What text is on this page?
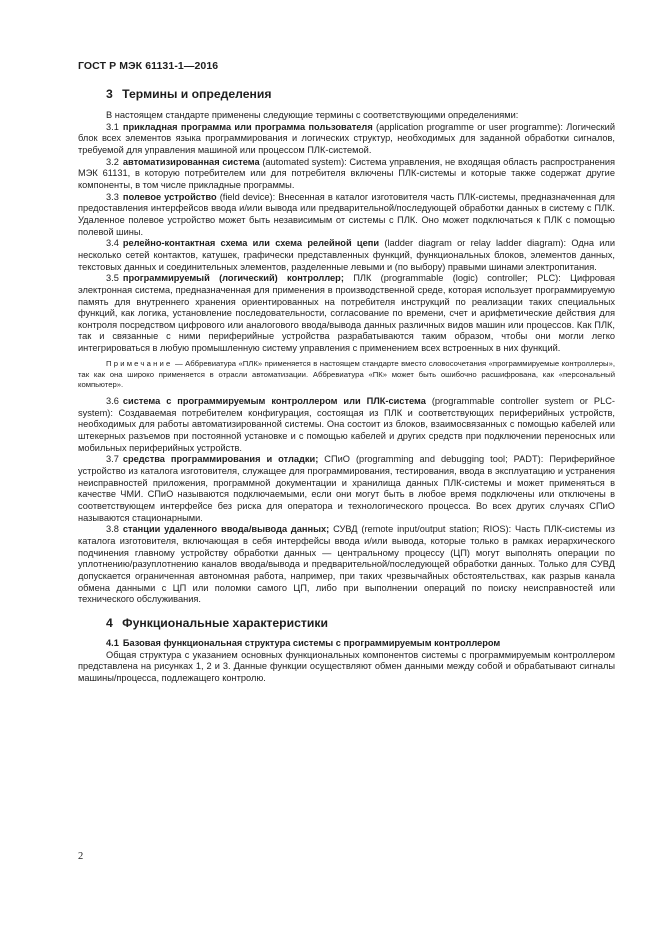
ГОСТ Р МЭК 61131-1—2016
3 Термины и определения

В настоящем стандарте применены следующие термины с соответствующими определениями:

3.1 прикладная программа или программа пользователя (application programme or user programme): Логический блок всех элементов языка программирования и логических структур, необходимых для заданной обработки сигналов, требуемой для управления машиной или процессом ПЛК-системой.

3.2 автоматизированная система (automated system): Система управления, не входящая область распространения МЭК 61131, в которую потребителем или для потребителя включены ПЛК-системы и которые также содержат другие компоненты, в том числе прикладные программы.

3.3 полевое устройство (field device): Внесенная в каталог изготовителя часть ПЛК-системы, предназначенная для предоставления интерфейсов ввода и/или вывода или предварительной/последующей обработки данных в систему с ПЛК. Удаленное полевое устройство может быть независимым от системы с ПЛК. Оно может подключаться к ПЛК с помощью полевой шины.

3.4 релейно-контактная схема или схема релейной цепи (ladder diagram or relay ladder diagram): Одна или несколько сетей контактов, катушек, графически представленных функций, функциональных блоков, элементов данных, текстовых данных и соединительных элементов, разделенные левыми и (по выбору) правыми шинами электропитания.

3.5 программируемый (логический) контроллер; ПЛК (programmable (logic) controller; PLC): Цифровая электронная система, предназначенная для применения в производственной среде, которая использует программируемую память для внутреннего хранения ориентированных на потребителя инструкций по реализации таких специальных функций, как логика, установление последовательности, согласование по времени, счет и арифметические действия для контроля посредством цифрового или аналогового ввода/вывода данных различных видов машин или процессов. Как ПЛК, так и связанные с ними периферийные устройства разрабатываются таким образом, чтобы они могли легко интегрироваться в любую промышленную систему управления с применением всех встроенных в них функций.

Примечание — Аббревиатура «ПЛК» применяется в настоящем стандарте вместо словосочетания «программируемые контроллеры», так как она широко применяется в отрасли автоматизации. Аббревиатура «ПК» может быть ошибочно расшифрована, как «персональный компьютер».

3.6 система с программируемым контроллером или ПЛК-система (programmable controller system or PLC-system): Создаваемая потребителем конфигурация, состоящая из ПЛК и соответствующих периферийных устройств, необходимых для работы автоматизированной системы. Она состоит из блоков, взаимосвязанных с помощью кабелей или штекерных разъемов при постоянной установке и с помощью кабелей и других средств при подключении переносных или мобильных периферийных устройств.

3.7 средства программирования и отладки; СПиО (programming and debugging tool; PADT): Периферийное устройство из каталога изготовителя, служащее для программирования, тестирования, ввода в эксплуатацию и устранения неисправностей приложения, программной документации и хранилища данных ПЛК-системы и может применяться в качестве ЧМИ. СПиО называются подключаемыми, если они могут быть в любое время подключены или отключены в соответствующем интерфейсе без риска для оператора и технологического процесса. Во всех других случаях СПиО называются стационарными.

3.8 станции удаленного ввода/вывода данных; СУВД (remote input/output station; RIOS): Часть ПЛК-системы из каталога изготовителя, включающая в себя интерфейсы ввода и/или вывода, которые только в рамках иерархического подчинения главному устройству обработки данных — центральному процессу (ЦП) могут выполнять операции по уплотнению/разуплотнению каналов ввода/вывода и предварительной/последующей обработки данных. Только для СУВД допускается ограниченная автономная работа, например, при таких чрезвычайных обстоятельствах, как разрыв канала обмена данными с ЦП или поломки самого ЦП, либо при выполнении операций по поиску неисправностей или технического обслуживания.

4 Функциональные характеристики

4.1 Базовая функциональная структура системы с программируемым контроллером

Общая структура с указанием основных функциональных компонентов системы с программируемым контроллером представлена на рисунках 1, 2 и 3. Данные функции осуществляют обмен данными между собой и обрабатывают сигналы машины/процесса, подлежащего контролю.

2
